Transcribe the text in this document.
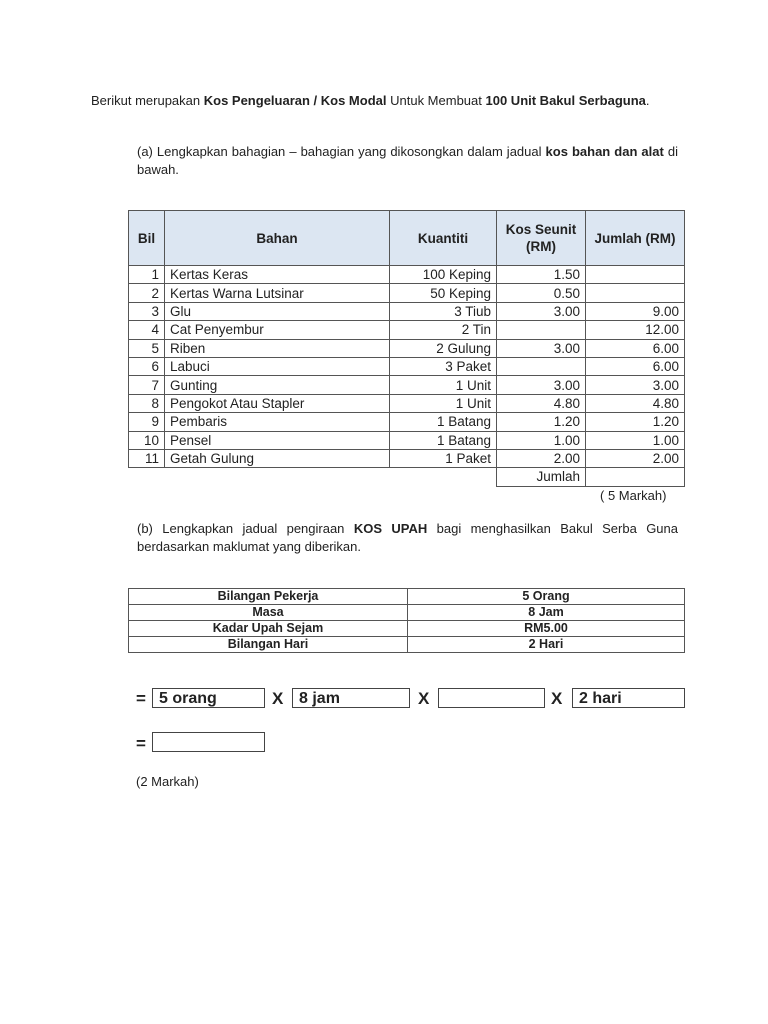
Berikut merupakan Kos Pengeluaran / Kos Modal Untuk Membuat 100 Unit Bakul Serbaguna.
(a) Lengkapkan bahagian – bahagian yang dikosongkan dalam jadual kos bahan dan alat di bawah.
Bil	Bahan	Kuantiti	Kos Seunit (RM)	Jumlah (RM)
1	Kertas Keras	100 Keping	1.50	
2	Kertas Warna Lutsinar	50 Keping	0.50	
3	Glu	3 Tiub	3.00	9.00
4	Cat Penyembur	2 Tin		12.00
5	Riben	2 Gulung	3.00	6.00
6	Labuci	3 Paket		6.00
7	Gunting	1 Unit	3.00	3.00
8	Pengokot Atau Stapler	1 Unit	4.80	4.80
9	Pembaris	1 Batang	1.20	1.20
10	Pensel	1 Batang	1.00	1.00
11	Getah Gulung	1 Paket	2.00	2.00
			Jumlah	
( 5 Markah)
(b) Lengkapkan jadual pengiraan KOS UPAH bagi menghasilkan Bakul Serba Guna berdasarkan maklumat yang diberikan.
Bilangan Pekerja	5 Orang
Masa	8 Jam
Kadar Upah Sejam	RM5.00
Bilangan Hari	2 Hari
= 5 orang	X 8 jam	X	X	2 hari
=
(2 Markah)
